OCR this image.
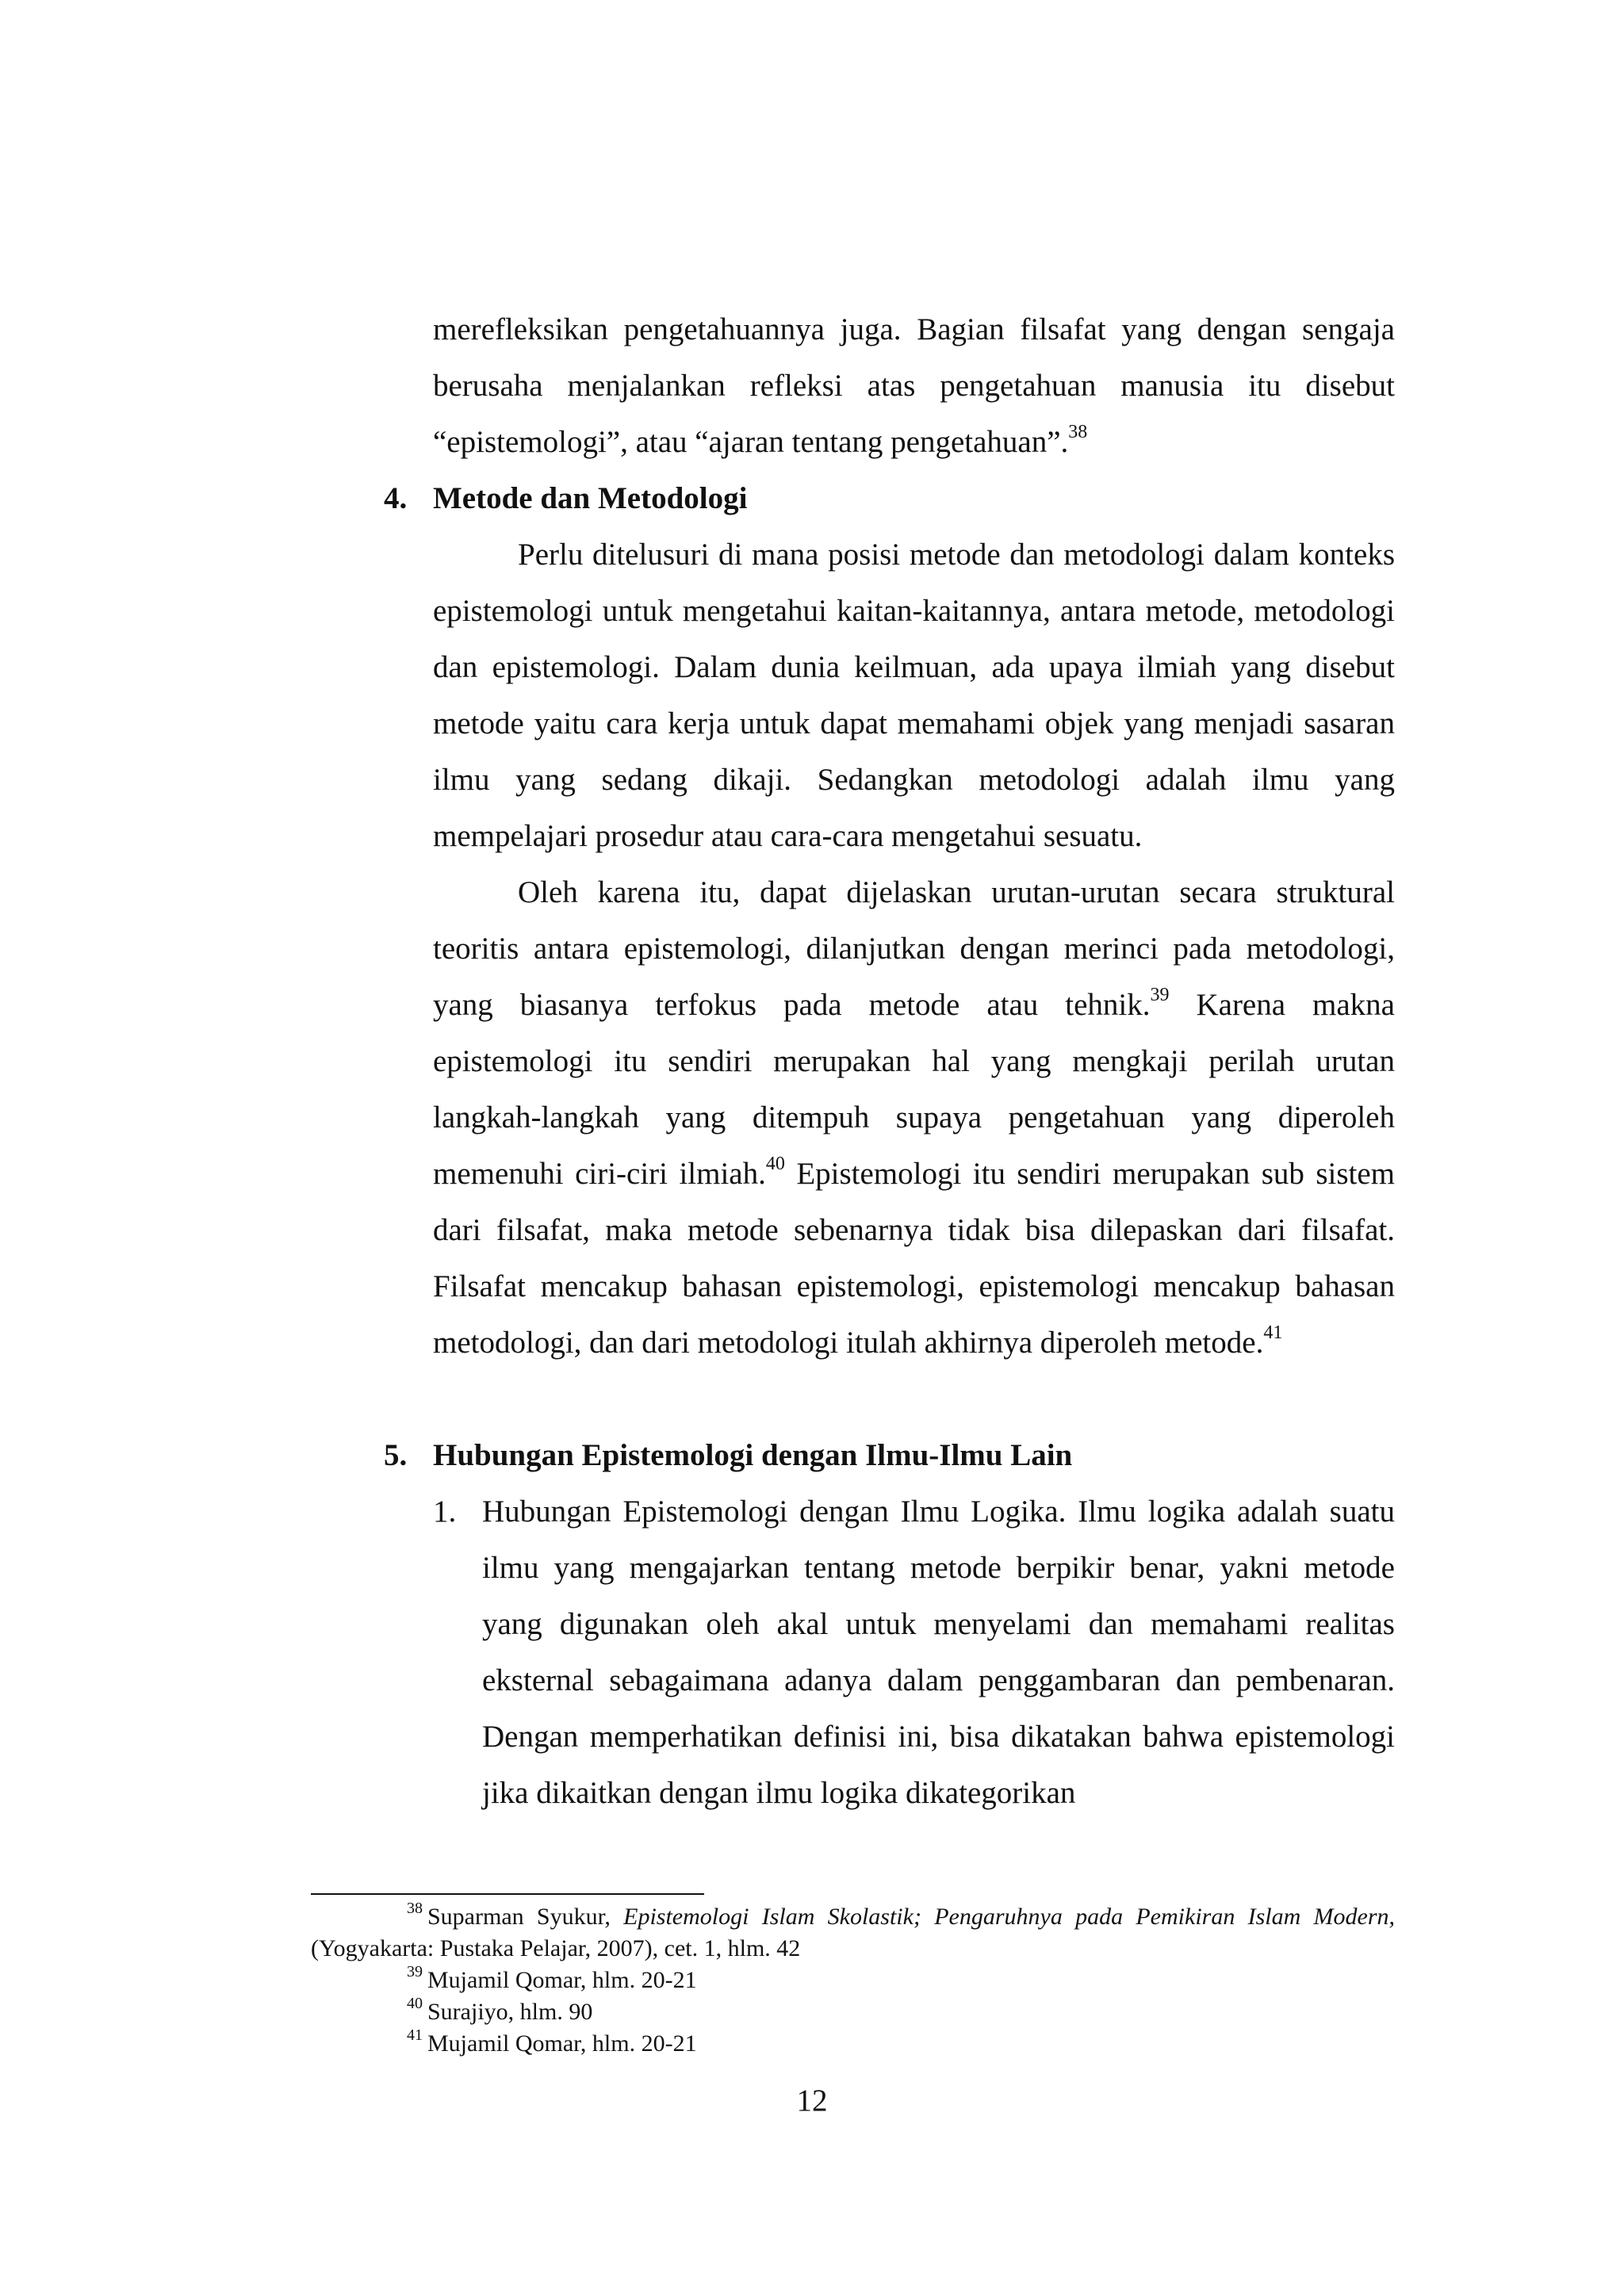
merefleksikan pengetahuannya juga. Bagian filsafat yang dengan sengaja berusaha menjalankan refleksi atas pengetahuan manusia itu disebut “epistemologi”, atau “ajaran tentang pengetahuan”.$^{38}$

4. Metode dan Metodologi

Perlu ditelusuri di mana posisi metode dan metodologi dalam konteks epistemologi untuk mengetahui kaitan-kaitannya, antara metode, metodologi dan epistemologi. Dalam dunia keilmuan, ada upaya ilmiah yang disebut metode yaitu cara kerja untuk dapat memahami objek yang menjadi sasaran ilmu yang sedang dikaji. Sedangkan metodologi adalah ilmu yang mempelajari prosedur atau cara-cara mengetahui sesuatu.

Oleh karena itu, dapat dijelaskan urutan-urutan secara struktural teoritis antara epistemologi, dilanjutkan dengan merinci pada metodologi, yang biasanya terfokus pada metode atau tehnik.$^{39}$ Karena makna epistemologi itu sendiri merupakan hal yang mengkaji perilah urutan langkah-langkah yang ditempuh supaya pengetahuan yang diperoleh memenuhi ciri-ciri ilmiah.$^{40}$ Epistemologi itu sendiri merupakan sub sistem dari filsafat, maka metode sebenarnya tidak bisa dilepaskan dari filsafat. Filsafat mencakup bahasan epistemologi, epistemologi mencakup bahasan metodologi, dan dari metodologi itulah akhirnya diperoleh metode.$^{41}$

5. Hubungan Epistemologi dengan Ilmu-Ilmu Lain
1. Hubungan Epistemologi dengan Ilmu Logika. Ilmu logika adalah suatu ilmu yang mengajarkan tentang metode berpikir benar, yakni metode yang digunakan oleh akal untuk menyelami dan memahami realitas eksternal sebagaimana adanya dalam penggambaran dan pembenaran. Dengan memperhatikan definisi ini, bisa dikatakan bahwa epistemologi jika dikaitkan dengan ilmu logika dikategorikan

$^{38}$ Suparman Syukur, Epistemologi Islam Skolastik; Pengaruhnya pada Pemikiran Islam Modern, (Yogyakarta: Pustaka Pelajar, 2007), cet. 1, hlm. 42

$^{39}$ Mujamil Qomar, hlm. 20-21

$^{40}$ Surajiyo, hlm. 90

$^{41}$ Mujamil Qomar, hlm. 20-21

12
